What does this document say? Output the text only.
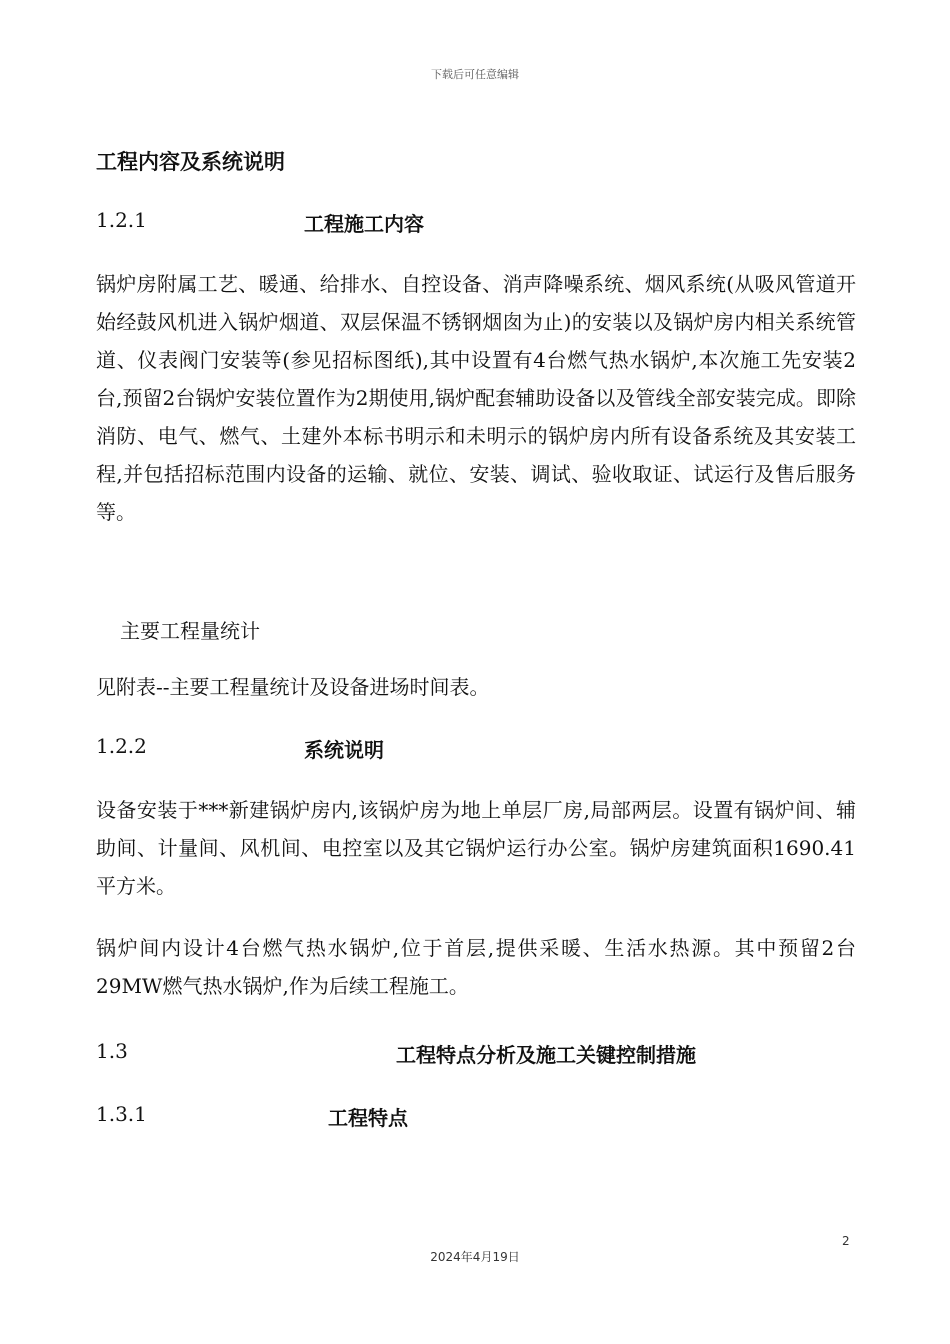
下载后可任意编辑
工程内容及系统说明
1.2.1	工程施工内容

锅炉房附属工艺、暖通、给排水、自控设备、消声降噪系统、烟风系统(从吸风管道开始经鼓风机进入锅炉烟道、双层保温不锈钢烟囱为止)的安装以及锅炉房内相关系统管道、仪表阀门安装等(参见招标图纸),其中设置有4台燃气热水锅炉,本次施工先安装2台,预留2台锅炉安装位置作为2期使用,锅炉配套辅助设备以及管线全部安装完成。即除消防、电气、燃气、土建外本标书明示和未明示的锅炉房内所有设备系统及其安装工程,并包括招标范围内设备的运输、就位、安装、调试、验收取证、试运行及售后服务等。

主要工程量统计
见附表--主要工程量统计及设备进场时间表。
1.2.2	系统说明

设备安装于***新建锅炉房内,该锅炉房为地上单层厂房,局部两层。设置有锅炉间、辅助间、计量间、风机间、电控室以及其它锅炉运行办公室。锅炉房建筑面积1690.41平方米。

锅炉间内设计4台燃气热水锅炉,位于首层,提供采暖、生活水热源。其中预留2台29MW燃气热水锅炉,作为后续工程施工。

1.3	工程特点分析及施工关键控制措施
1.3.1	工程特点
2
2024年4月19日
